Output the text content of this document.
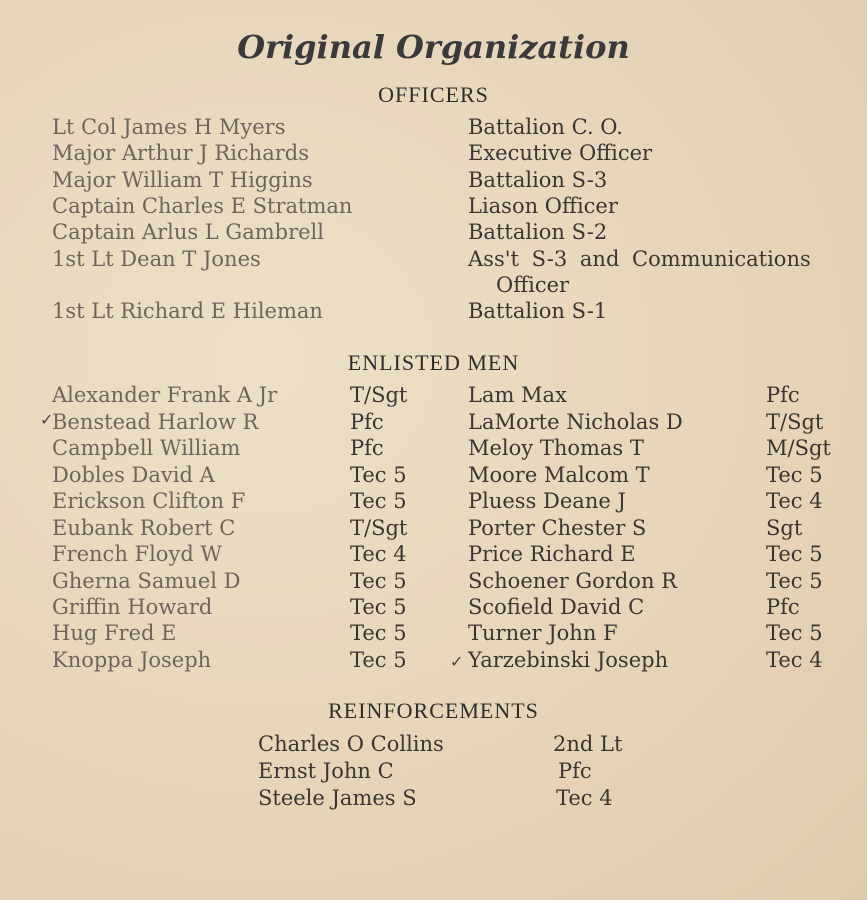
Original Organization
OFFICERS
Lt Col James H Myers	Battalion C. O.
Major Arthur J Richards	Executive Officer
Major William T Higgins	Battalion S-3
Captain Charles E Stratman	Liason Officer
Captain Arlus L Gambrell	Battalion S-2
1st Lt Dean T Jones	Ass't S-3 and Communications
Officer
1st Lt Richard E Hileman	Battalion S-1
ENLISTED MEN
Alexander Frank A Jr	T/Sgt	Lam Max	Pfc
Benstead Harlow R	Pfc	LaMorte Nicholas D	T/Sgt
Campbell William	Pfc	Meloy Thomas T	M/Sgt
Dobles David A	Tec 5	Moore Malcom T	Tec 5
Erickson Clifton F	Tec 5	Pluess Deane J	Tec 4
Eubank Robert C	T/Sgt	Porter Chester S	Sgt
French Floyd W	Tec 4	Price Richard E	Tec 5
Gherna Samuel D	Tec 5	Schoener Gordon R	Tec 5
Griffin Howard	Tec 5	Scofield David C	Pfc
Hug Fred E	Tec 5	Turner John F	Tec 5
Knoppa Joseph	Tec 5	Yarzebinski Joseph	Tec 4
✓
✓
REINFORCEMENTS
Charles O Collins	2nd Lt
Ernst John C	Pfc
Steele James S	Tec 4
